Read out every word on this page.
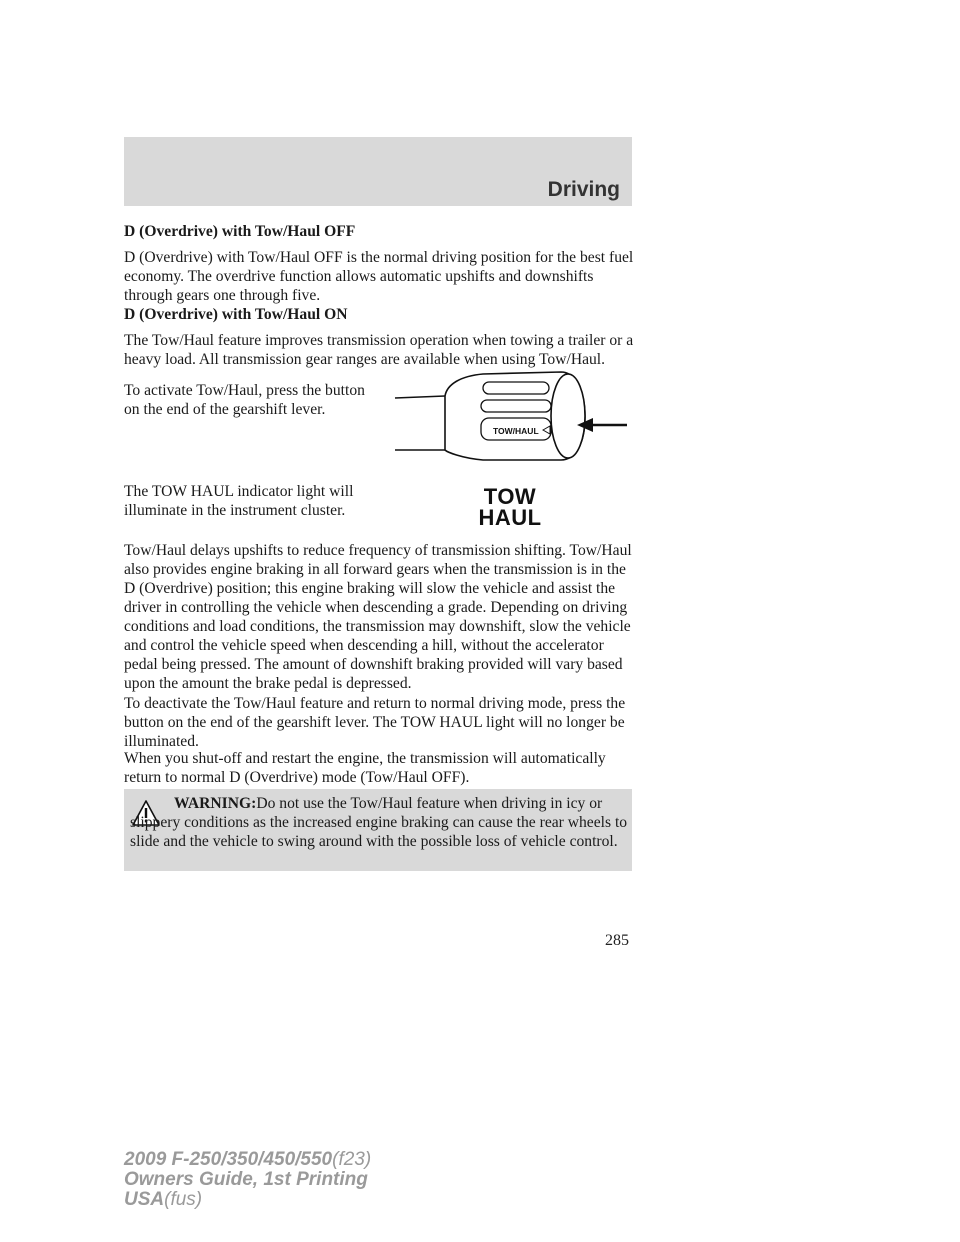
Driving
D (Overdrive) with Tow/Haul OFF
D (Overdrive) with Tow/Haul OFF is the normal driving position for the best fuel economy. The overdrive function allows automatic upshifts and downshifts through gears one through five.
D (Overdrive) with Tow/Haul ON
The Tow/Haul feature improves transmission operation when towing a trailer or a heavy load. All transmission gear ranges are available when using Tow/Haul.
To activate Tow/Haul, press the button on the end of the gearshift lever.
TOW/HAUL
The TOW HAUL indicator light will illuminate in the instrument cluster.
TOW
HAUL
Tow/Haul delays upshifts to reduce frequency of transmission shifting. Tow/Haul also provides engine braking in all forward gears when the transmission is in the D (Overdrive) position; this engine braking will slow the vehicle and assist the driver in controlling the vehicle when descending a grade. Depending on driving conditions and load conditions, the transmission may downshift, slow the vehicle and control the vehicle speed when descending a hill, without the accelerator pedal being pressed. The amount of downshift braking provided will vary based upon the amount the brake pedal is depressed.
To deactivate the Tow/Haul feature and return to normal driving mode, press the button on the end of the gearshift lever. The TOW HAUL light will no longer be illuminated.
When you shut-off and restart the engine, the transmission will automatically return to normal D (Overdrive) mode (Tow/Haul OFF).
WARNING:Do not use the Tow/Haul feature when driving in icy or slippery conditions as the increased engine braking can cause the rear wheels to slide and the vehicle to swing around with the possible loss of vehicle control.
285
2009 F-250/350/450/550(f23)
Owners Guide, 1st Printing
USA(fus)
